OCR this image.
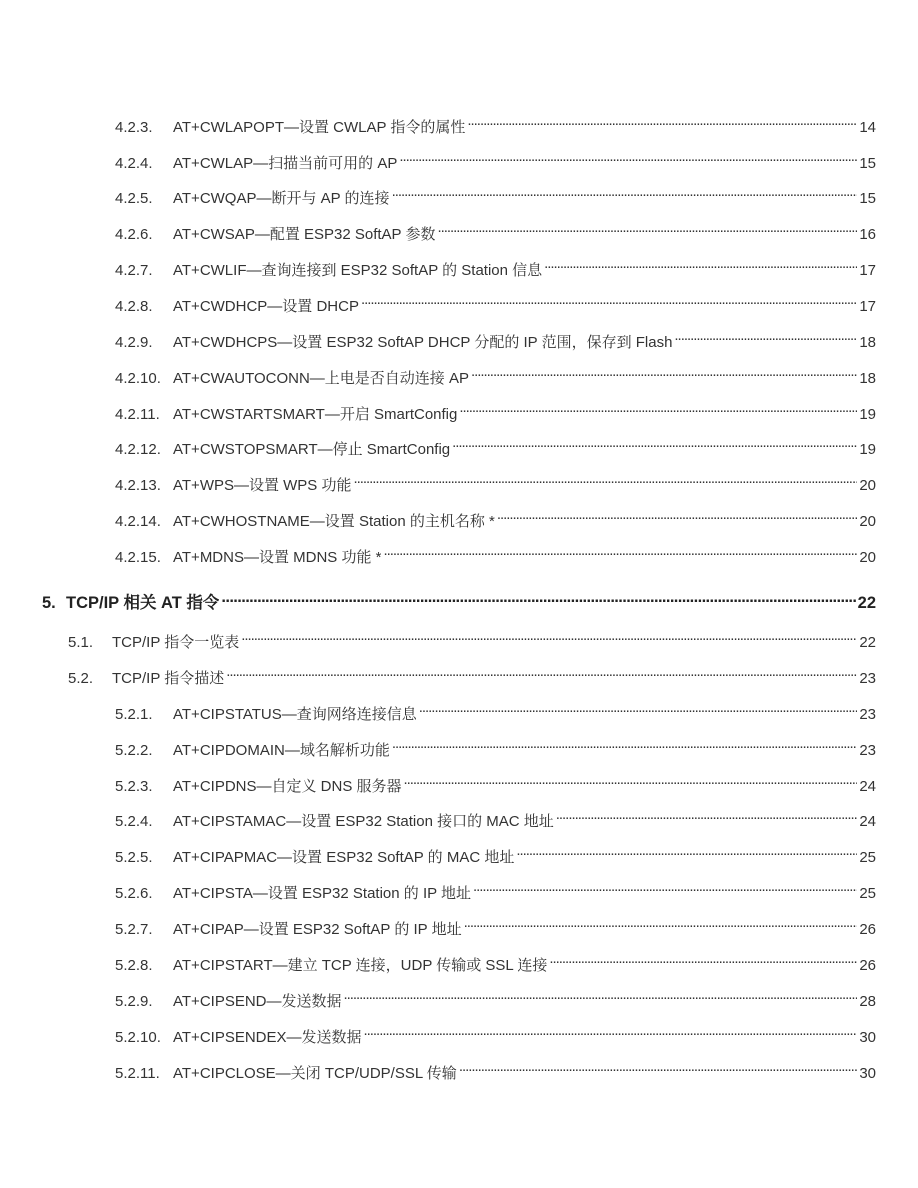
4.2.3.	AT+CWLAPOPT—设置 CWLAP 指令的属性 . . .	14
4.2.4.	AT+CWLAP—扫描当前可用的 AP . . .	15
4.2.5.	AT+CWQAP—断开与 AP 的连接 . . .	15
4.2.6.	AT+CWSAP—配置 ESP32 SoftAP 参数 . . .	16
4.2.7.	AT+CWLIF—查询连接到 ESP32 SoftAP 的 Station 信息 . . .	17
4.2.8.	AT+CWDHCP—设置 DHCP . . .	17
4.2.9.	AT+CWDHCPS—设置 ESP32 SoftAP DHCP 分配的 IP 范围，保存到 Flash . . .	18
4.2.10. AT+CWAUTOCONN—上电是否自动连接 AP . . .	18
4.2.11. AT+CWSTARTSMART—开启 SmartConfig . . .	19
4.2.12. AT+CWSTOPSMART—停止 SmartConfig . . .	19
4.2.13. AT+WPS—设置 WPS 功能 . . .	20
4.2.14. AT+CWHOSTNAME—设置 Station 的主机名称 * . . .	20
4.2.15. AT+MDNS—设置 MDNS 功能 * . . .	20
5. TCP/IP 相关 AT 指令 . . .	22
5.1.	TCP/IP 指令一览表 . . .	22
5.2.	TCP/IP 指令描述 . . .	23
5.2.1.	AT+CIPSTATUS—查询网络连接信息 . . .	23
5.2.2.	AT+CIPDOMAIN—域名解析功能 . . .	23
5.2.3.	AT+CIPDNS—自定义 DNS 服务器 . . .	24
5.2.4.	AT+CIPSTAMAC—设置 ESP32 Station 接口的 MAC 地址 . . .	24
5.2.5.	AT+CIPAPMAC—设置 ESP32 SoftAP 的 MAC 地址 . . .	25
5.2.6.	AT+CIPSTA—设置 ESP32 Station 的 IP 地址 . . .	25
5.2.7.	AT+CIPAP—设置 ESP32 SoftAP 的 IP 地址 . . .	26
5.2.8.	AT+CIPSTART—建立 TCP 连接，UDP 传输或 SSL 连接 . . .	26
5.2.9.	AT+CIPSEND—发送数据 . . .	28
5.2.10. AT+CIPSENDEX—发送数据 . . .	30
5.2.11. AT+CIPCLOSE—关闭 TCP/UDP/SSL 传输 . . .	30
